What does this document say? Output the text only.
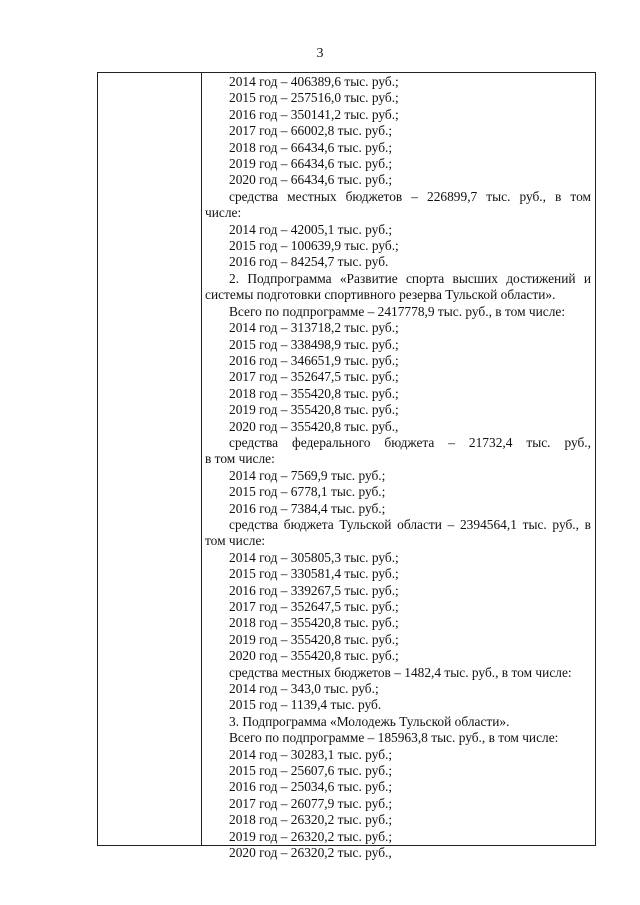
3
2014 год – 406389,6 тыс. руб.;
2015 год – 257516,0 тыс. руб.;
2016 год – 350141,2 тыс. руб.;
2017 год – 66002,8 тыс. руб.;
2018 год – 66434,6 тыс. руб.;
2019 год – 66434,6 тыс. руб.;
2020 год – 66434,6 тыс. руб.;
средства местных бюджетов – 226899,7 тыс. руб., в том
числе:
2014 год – 42005,1 тыс. руб.;
2015 год – 100639,9 тыс. руб.;
2016 год – 84254,7 тыс. руб.
2. Подпрограмма «Развитие спорта высших достижений и
системы подготовки спортивного резерва Тульской области».
Всего по подпрограмме – 2417778,9 тыс. руб., в том числе:
2014 год – 313718,2 тыс. руб.;
2015 год – 338498,9 тыс. руб.;
2016 год – 346651,9 тыс. руб.;
2017 год – 352647,5 тыс. руб.;
2018 год – 355420,8 тыс. руб.;
2019 год – 355420,8 тыс. руб.;
2020 год – 355420,8 тыс. руб.,
средства федерального бюджета – 21732,4 тыс. руб.,
в том числе:
2014 год – 7569,9 тыс. руб.;
2015 год – 6778,1 тыс. руб.;
2016 год – 7384,4 тыс. руб.;
средства бюджета Тульской области – 2394564,1 тыс. руб., в
том числе:
2014 год – 305805,3 тыс. руб.;
2015 год – 330581,4 тыс. руб.;
2016 год – 339267,5 тыс. руб.;
2017 год – 352647,5 тыс. руб.;
2018 год – 355420,8 тыс. руб.;
2019 год – 355420,8 тыс. руб.;
2020 год – 355420,8 тыс. руб.;
средства местных бюджетов – 1482,4 тыс. руб., в том числе:
2014 год – 343,0 тыс. руб.;
2015 год – 1139,4 тыс. руб.
3. Подпрограмма «Молодежь Тульской области».
Всего по подпрограмме – 185963,8 тыс. руб., в том числе:
2014 год – 30283,1 тыс. руб.;
2015 год – 25607,6 тыс. руб.;
2016 год – 25034,6 тыс. руб.;
2017 год – 26077,9 тыс. руб.;
2018 год – 26320,2 тыс. руб.;
2019 год – 26320,2 тыс. руб.;
2020 год – 26320,2 тыс. руб.,
